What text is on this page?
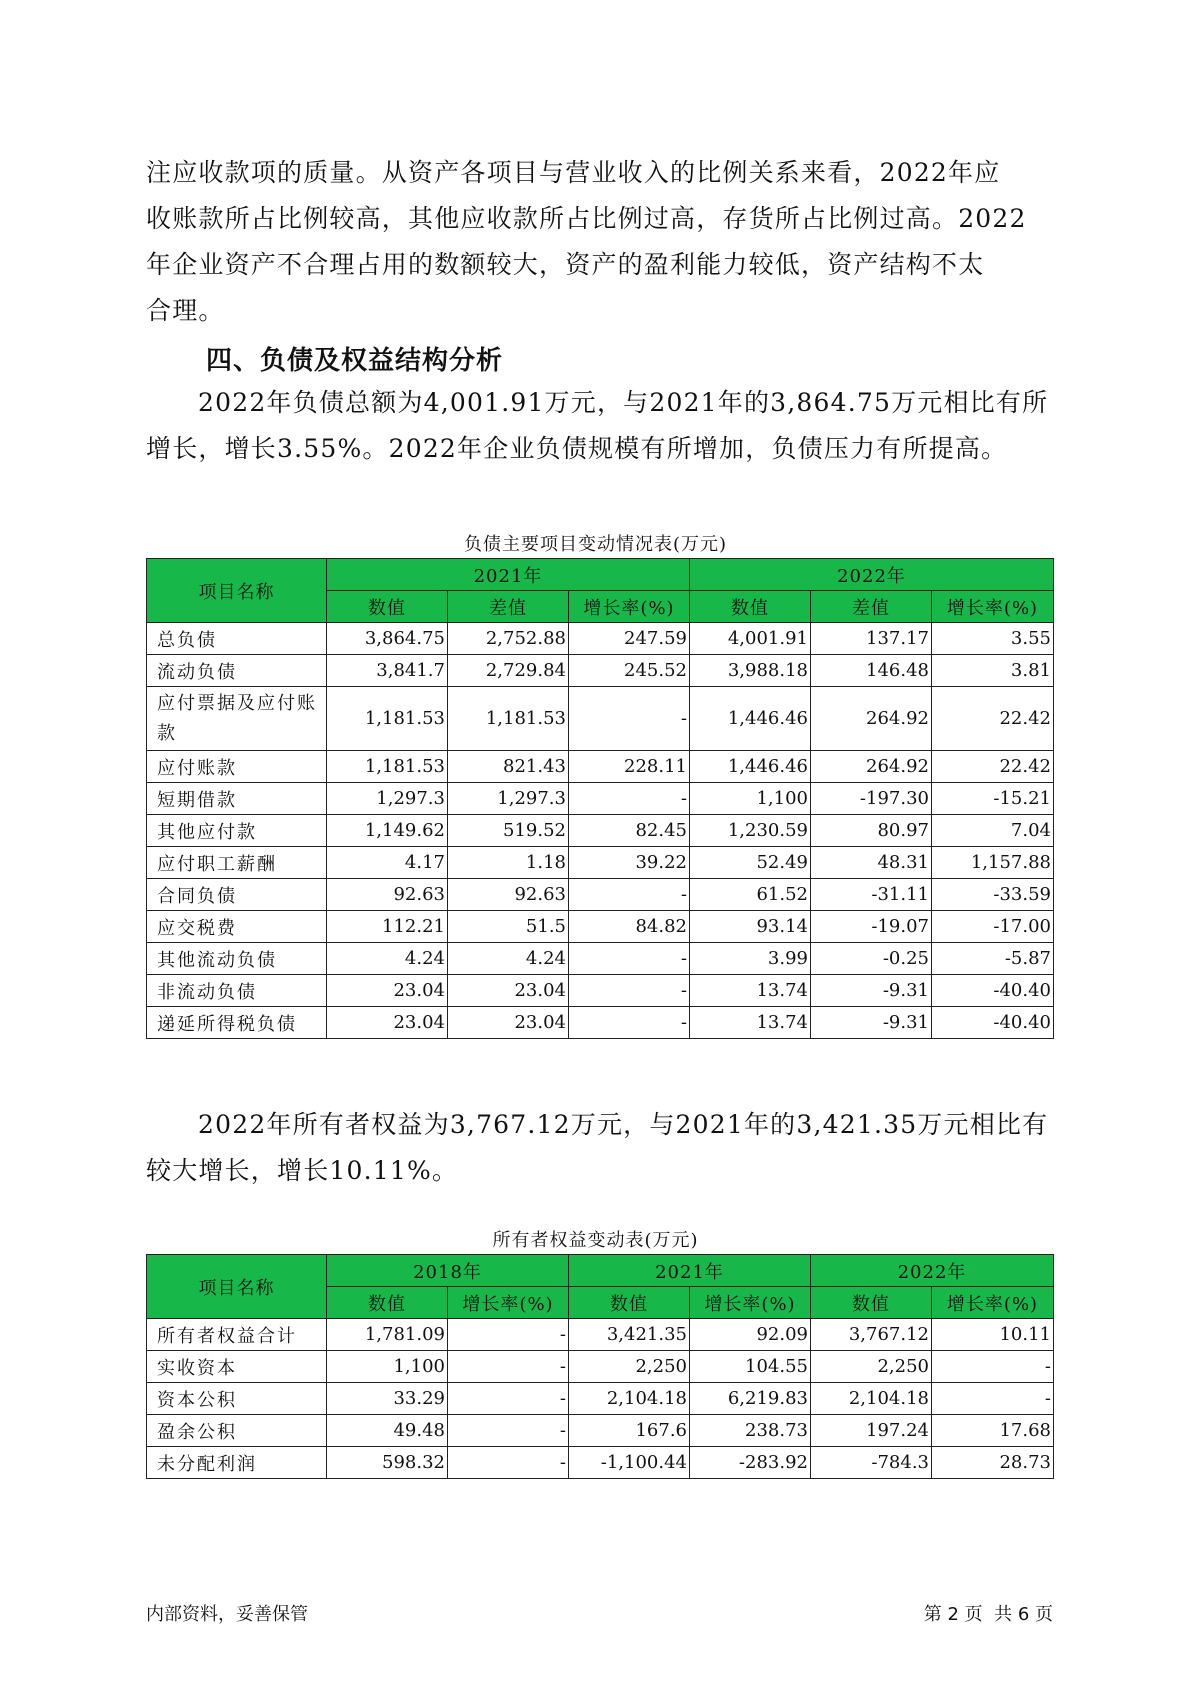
注应收款项的质量。从资产各项目与营业收入的比例关系来看，2022年应
收账款所占比例较高，其他应收款所占比例过高，存货所占比例过高。2022
年企业资产不合理占用的数额较大，资产的盈利能力较低，资产结构不太
合理。
四、负债及权益结构分析
2022年负债总额为4,001.91万元，与2021年的3,864.75万元相比有所
增长，增长3.55%。2022年企业负债规模有所增加，负债压力有所提高。
负债主要项目变动情况表(万元)
项目名称	2021年			2022年		
	数值	差值	增长率(%)	数值	差值	增长率(%)
总负债	3,864.75	2,752.88	247.59	4,001.91	137.17	3.55
流动负债	3,841.7	2,729.84	245.52	3,988.18	146.48	3.81
应付票据及应付账款	1,181.53	1,181.53	-	1,446.46	264.92	22.42
应付账款	1,181.53	821.43	228.11	1,446.46	264.92	22.42
短期借款	1,297.3	1,297.3	-	1,100	-197.30	-15.21
其他应付款	1,149.62	519.52	82.45	1,230.59	80.97	7.04
应付职工薪酬	4.17	1.18	39.22	52.49	48.31	1,157.88
合同负债	92.63	92.63	-	61.52	-31.11	-33.59
应交税费	112.21	51.5	84.82	93.14	-19.07	-17.00
其他流动负债	4.24	4.24	-	3.99	-0.25	-5.87
非流动负债	23.04	23.04	-	13.74	-9.31	-40.40
递延所得税负债	23.04	23.04	-	13.74	-9.31	-40.40
2022年所有者权益为3,767.12万元，与2021年的3,421.35万元相比有
较大增长，增长10.11%。
所有者权益变动表(万元)
项目名称	2018年		2021年		2022年	
	数值	增长率(%)	数值	增长率(%)	数值	增长率(%)
所有者权益合计	1,781.09	-	3,421.35	92.09	3,767.12	10.11
实收资本	1,100	-	2,250	104.55	2,250	-
资本公积	33.29	-	2,104.18	6,219.83	2,104.18	-
盈余公积	49.48	-	167.6	238.73	197.24	17.68
未分配利润	598.32	-	-1,100.44	-283.92	-784.3	28.73
内部资料，妥善保管	第 2 页  共 6 页
